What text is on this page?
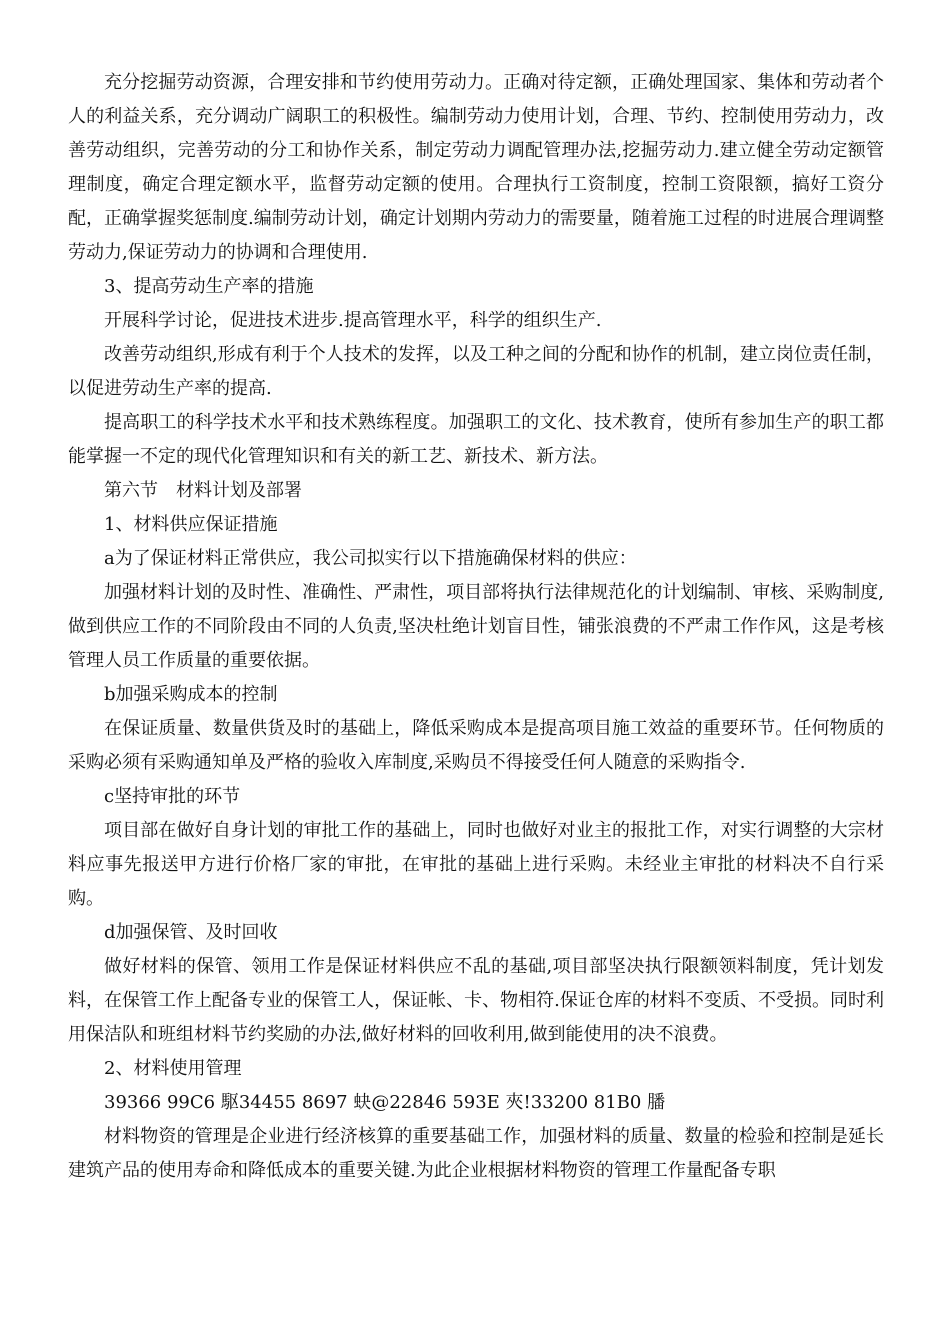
充分挖掘劳动资源，合理安排和节约使用劳动力。正确对待定额，正确处理国家、集体和劳动者个人的利益关系，充分调动广阔职工的积极性。编制劳动力使用计划，合理、节约、控制使用劳动力，改善劳动组织，完善劳动的分工和协作关系，制定劳动力调配管理办法,挖掘劳动力.建立健全劳动定额管理制度，确定合理定额水平，监督劳动定额的使用。合理执行工资制度，控制工资限额，搞好工资分配，正确掌握奖惩制度.编制劳动计划，确定计划期内劳动力的需要量，随着施工过程的时进展合理调整劳动力,保证劳动力的协调和合理使用.

3、提高劳动生产率的措施

开展科学讨论，促进技术进步.提高管理水平，科学的组织生产.

改善劳动组织,形成有利于个人技术的发挥，以及工种之间的分配和协作的机制，建立岗位责任制，以促进劳动生产率的提高.

提高职工的科学技术水平和技术熟练程度。加强职工的文化、技术教育，使所有参加生产的职工都能掌握一不定的现代化管理知识和有关的新工艺、新技术、新方法。

第六节　材料计划及部署

1、材料供应保证措施

a为了保证材料正常供应，我公司拟实行以下措施确保材料的供应：

加强材料计划的及时性、准确性、严肃性，项目部将执行法律规范化的计划编制、审核、采购制度,做到供应工作的不同阶段由不同的人负责,坚决杜绝计划盲目性，铺张浪费的不严肃工作作风，这是考核管理人员工作质量的重要依据。

b加强采购成本的控制

在保证质量、数量供货及时的基础上，降低采购成本是提高项目施工效益的重要环节。任何物质的采购必须有采购通知单及严格的验收入库制度,采购员不得接受任何人随意的采购指令.

c坚持审批的环节

项目部在做好自身计划的审批工作的基础上，同时也做好对业主的报批工作，对实行调整的大宗材料应事先报送甲方进行价格厂家的审批，在审批的基础上进行采购。未经业主审批的材料决不自行采购。

d加强保管、及时回收

做好材料的保管、领用工作是保证材料供应不乱的基础,项目部坚决执行限额领料制度，凭计划发料，在保管工作上配备专业的保管工人，保证帐、卡、物相符.保证仓库的材料不变质、不受损。同时利用保洁队和班组材料节约奖励的办法,做好材料的回收利用,做到能使用的决不浪费。

2、材料使用管理

39366 99C6 駆34455 8697 蚗@22846 593E 夾!33200 81B0 膰

材料物资的管理是企业进行经济核算的重要基础工作，加强材料的质量、数量的检验和控制是延长建筑产品的使用寿命和降低成本的重要关键.为此企业根据材料物资的管理工作量配备专职
